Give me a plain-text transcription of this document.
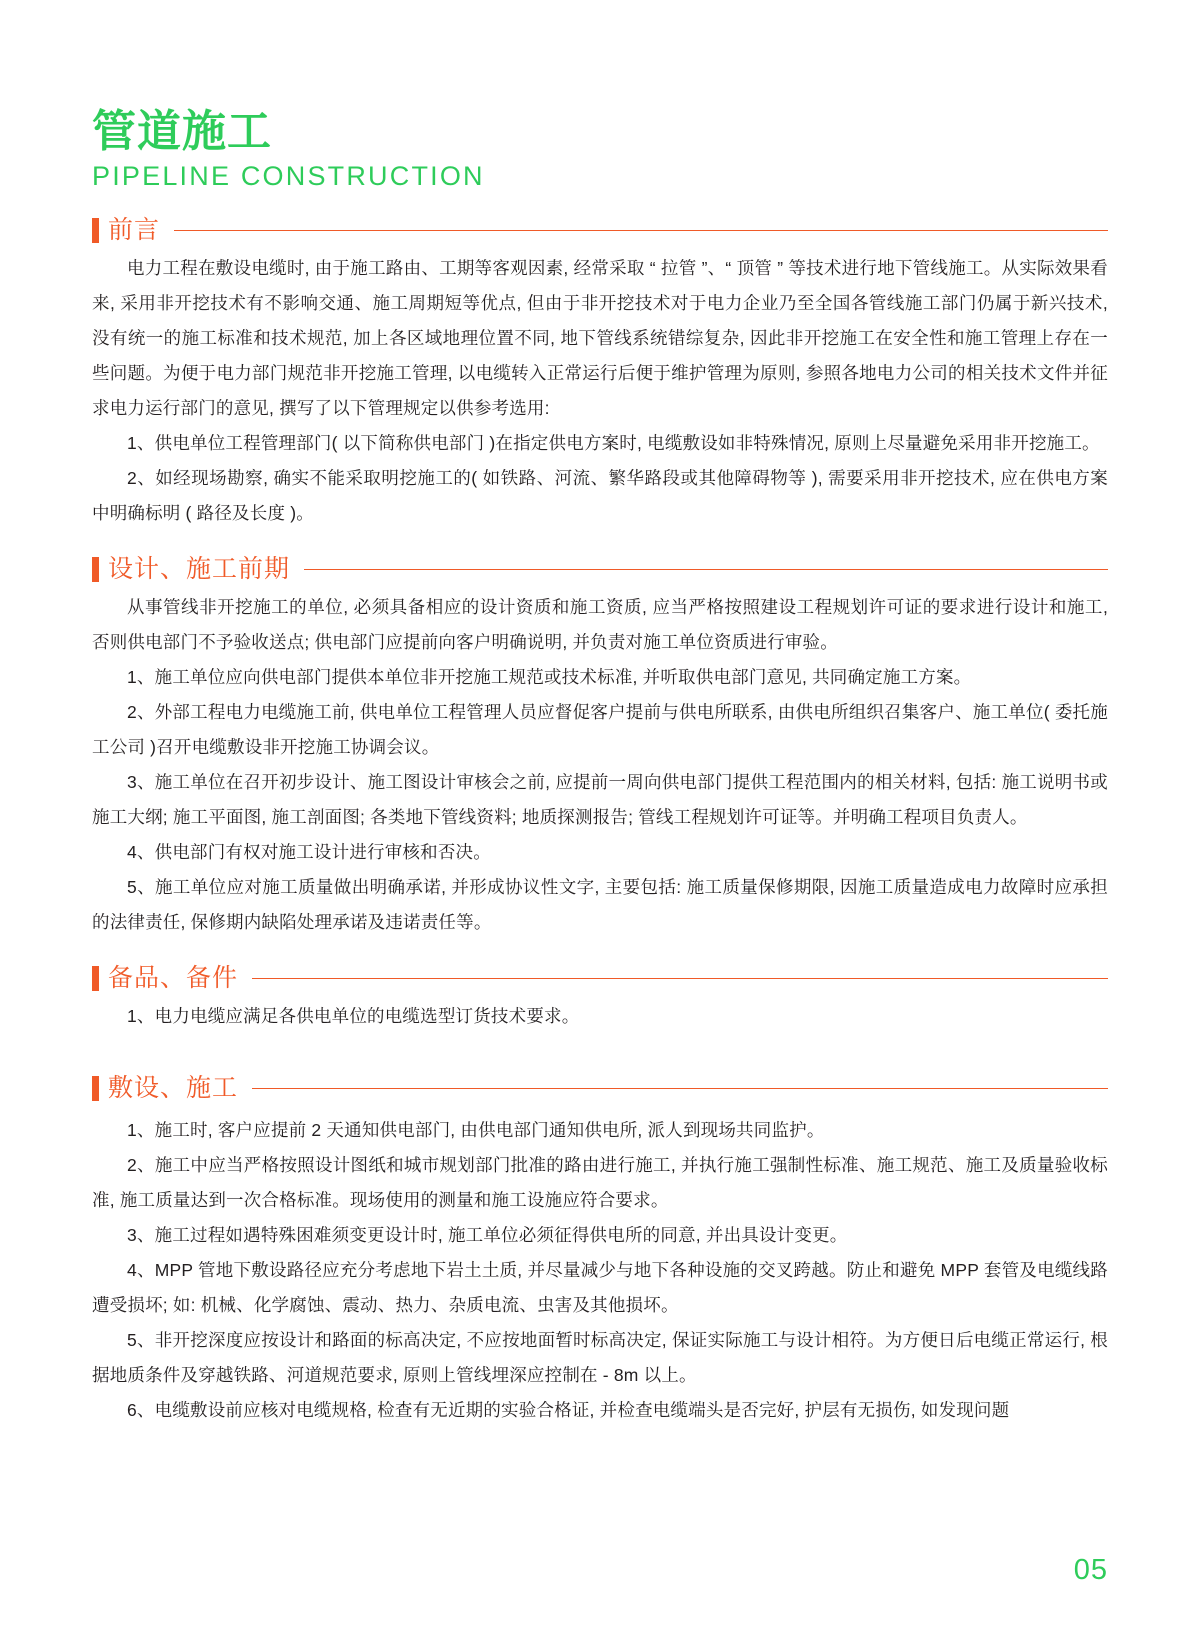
管道施工
PIPELINE CONSTRUCTION
前言

电力工程在敷设电缆时, 由于施工路由、工期等客观因素, 经常采取 “ 拉管 ”、“ 顶管 ” 等技术进行地下管线施工。从实际效果看来, 采用非开挖技术有不影响交通、施工周期短等优点, 但由于非开挖技术对于电力企业乃至全国各管线施工部门仍属于新兴技术, 没有统一的施工标准和技术规范, 加上各区域地理位置不同, 地下管线系统错综复杂, 因此非开挖施工在安全性和施工管理上存在一些问题。为便于电力部门规范非开挖施工管理, 以电缆转入正常运行后便于维护管理为原则, 参照各地电力公司的相关技术文件并征求电力运行部门的意见, 撰写了以下管理规定以供参考选用:

1、供电单位工程管理部门( 以下简称供电部门 )在指定供电方案时, 电缆敷设如非特殊情况, 原则上尽量避免采用非开挖施工。

2、如经现场勘察, 确实不能采取明挖施工的( 如铁路、河流、繁华路段或其他障碍物等 ), 需要采用非开挖技术, 应在供电方案中明确标明 ( 路径及长度 )。

设计、施工前期

从事管线非开挖施工的单位, 必须具备相应的设计资质和施工资质, 应当严格按照建设工程规划许可证的要求进行设计和施工, 否则供电部门不予验收送点; 供电部门应提前向客户明确说明, 并负责对施工单位资质进行审验。

1、施工单位应向供电部门提供本单位非开挖施工规范或技术标准, 并听取供电部门意见, 共同确定施工方案。

2、外部工程电力电缆施工前, 供电单位工程管理人员应督促客户提前与供电所联系, 由供电所组织召集客户、施工单位( 委托施工公司 )召开电缆敷设非开挖施工协调会议。

3、施工单位在召开初步设计、施工图设计审核会之前, 应提前一周向供电部门提供工程范围内的相关材料, 包括: 施工说明书或施工大纲; 施工平面图, 施工剖面图; 各类地下管线资料; 地质探测报告; 管线工程规划许可证等。并明确工程项目负责人。

4、供电部门有权对施工设计进行审核和否决。

5、施工单位应对施工质量做出明确承诺, 并形成协议性文字, 主要包括: 施工质量保修期限, 因施工质量造成电力故障时应承担的法律责任, 保修期内缺陷处理承诺及违诺责任等。

备品、备件

1、电力电缆应满足各供电单位的电缆选型订货技术要求。

敷设、施工

1、施工时, 客户应提前 2 天通知供电部门, 由供电部门通知供电所, 派人到现场共同监护。

2、施工中应当严格按照设计图纸和城市规划部门批准的路由进行施工, 并执行施工强制性标准、施工规范、施工及质量验收标准, 施工质量达到一次合格标准。现场使用的测量和施工设施应符合要求。

3、施工过程如遇特殊困难须变更设计时, 施工单位必须征得供电所的同意, 并出具设计变更。

4、MPP 管地下敷设路径应充分考虑地下岩土土质, 并尽量减少与地下各种设施的交叉跨越。防止和避免 MPP 套管及电缆线路遭受损坏; 如: 机械、化学腐蚀、震动、热力、杂质电流、虫害及其他损坏。

5、非开挖深度应按设计和路面的标高决定, 不应按地面暂时标高决定, 保证实际施工与设计相符。为方便日后电缆正常运行, 根据地质条件及穿越铁路、河道规范要求, 原则上管线埋深应控制在 - 8m 以上。

6、电缆敷设前应核对电缆规格, 检查有无近期的实验合格证, 并检查电缆端头是否完好, 护层有无损伤, 如发现问题

05
